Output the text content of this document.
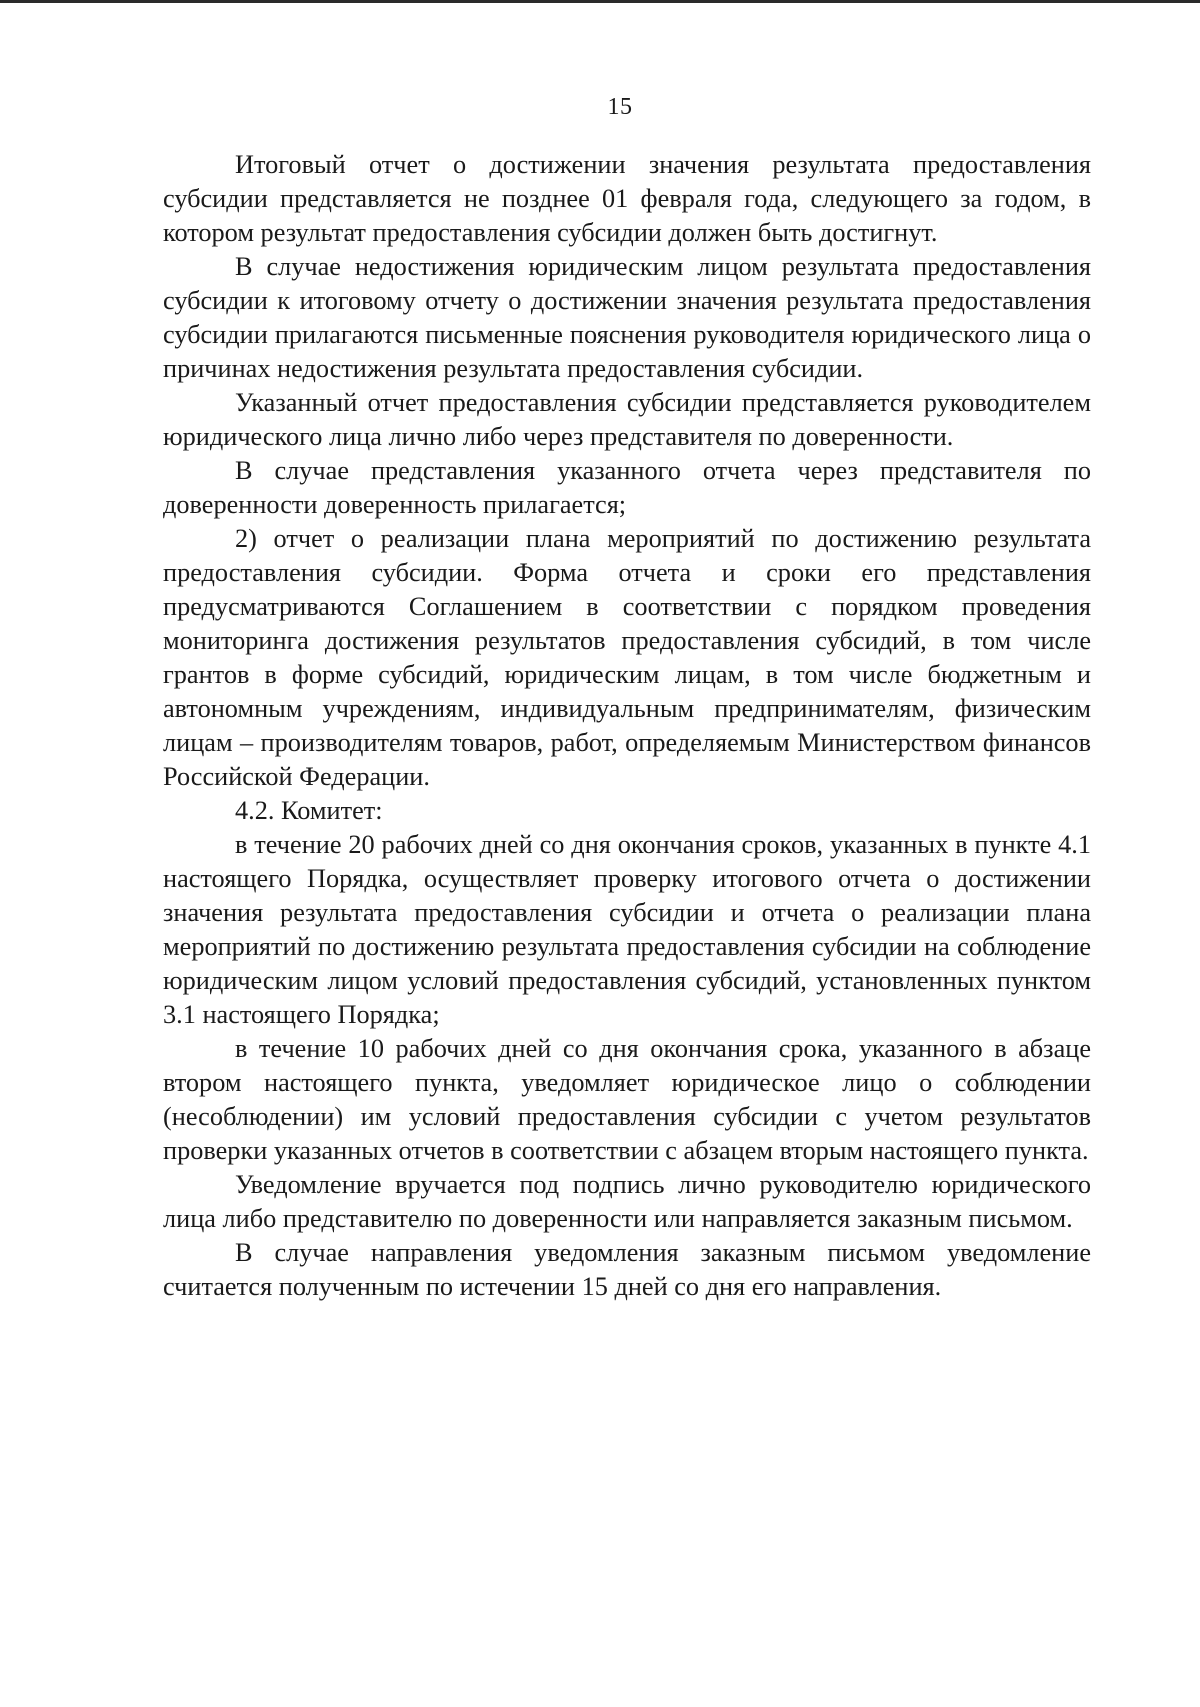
15

Итоговый отчет о достижении значения результата предоставления субсидии представляется не позднее 01 февраля года, следующего за годом, в котором результат предоставления субсидии должен быть достигнут.

В случае недостижения юридическим лицом результата предоставления субсидии к итоговому отчету о достижении значения результата предоставления субсидии прилагаются письменные пояснения руководителя юридического лица о причинах недостижения результата предоставления субсидии.

Указанный отчет предоставления субсидии представляется руководителем юридического лица лично либо через представителя по доверенности.

В случае представления указанного отчета через представителя по доверенности доверенность прилагается;

2) отчет о реализации плана мероприятий по достижению результата предоставления субсидии. Форма отчета и сроки его представления предусматриваются Соглашением в соответствии с порядком проведения мониторинга достижения результатов предоставления субсидий, в том числе грантов в форме субсидий, юридическим лицам, в том числе бюджетным и автономным учреждениям, индивидуальным предпринимателям, физическим лицам – производителям товаров, работ, определяемым Министерством финансов Российской Федерации.

4.2. Комитет:

в течение 20 рабочих дней со дня окончания сроков, указанных в пункте 4.1 настоящего Порядка, осуществляет проверку итогового отчета о достижении значения результата предоставления субсидии и отчета о реализации плана мероприятий по достижению результата предоставления субсидии на соблюдение юридическим лицом условий предоставления субсидий, установленных пунктом 3.1 настоящего Порядка;

в течение 10 рабочих дней со дня окончания срока, указанного в абзаце втором настоящего пункта, уведомляет юридическое лицо о соблюдении (несоблюдении) им условий предоставления субсидии с учетом результатов проверки указанных отчетов в соответствии с абзацем вторым настоящего пункта.

Уведомление вручается под подпись лично руководителю юридического лица либо представителю по доверенности или направляется заказным письмом.

В случае направления уведомления заказным письмом уведомление считается полученным по истечении 15 дней со дня его направления.
